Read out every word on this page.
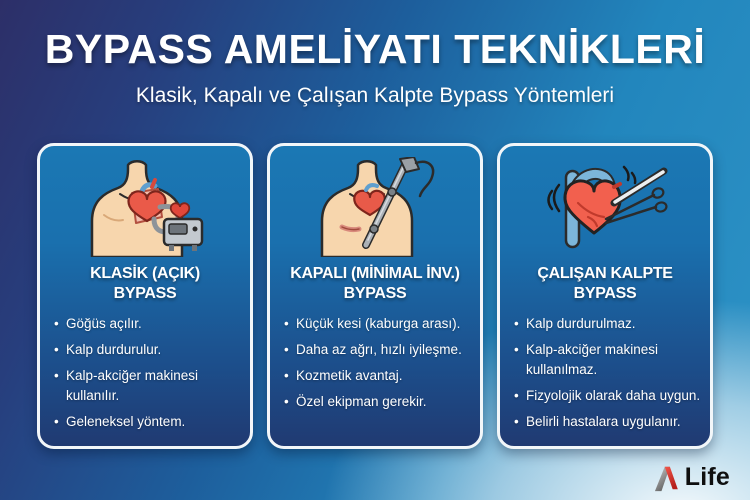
BYPASS AMELİYATI TEKNİKLERİ
Klasik, Kapalı ve Çalışan Kalpte Bypass Yöntemleri
KLASİK (AÇIK)
BYPASS
• Göğüs açılır.
• Kalp durdurulur.
• Kalp-akciğer makinesi kullanılır.
• Geleneksel yöntem.
KAPALI (MİNİMAL İNV.)
BYPASS
• Küçük kesi (kaburga arası).
• Daha az ağrı, hızlı iyileşme.
• Kozmetik avantaj.
• Özel ekipman gerekir.
ÇALIŞAN KALPTE
BYPASS
• Kalp durdurulmaz.
• Kalp-akciğer makinesi kullanılmaz.
• Fizyolojik olarak daha uygun.
• Belirli hastalara uygulanır.
Life
